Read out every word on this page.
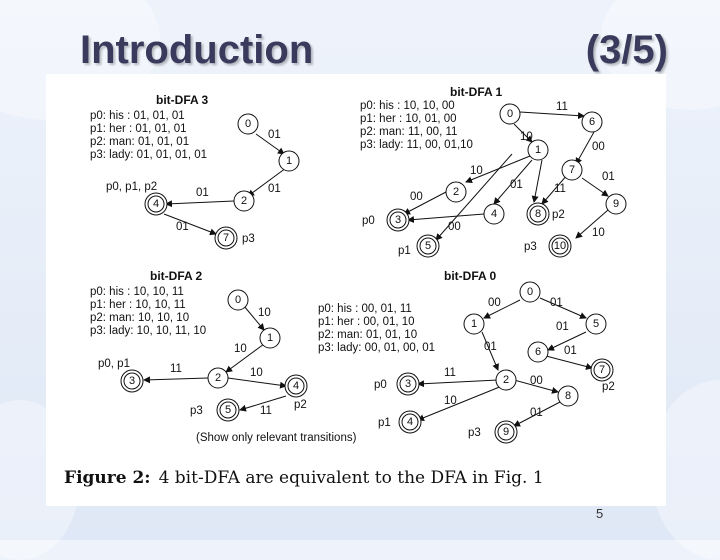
Introduction	(3/5)
bit-DFA 3
p0: his : 01, 01, 01
p1: her : 01, 01, 01
p2: man: 01, 01, 01
p3: lady: 01, 01, 01, 01
p0, p1, p2
0
1
2
4
7
01
01
01
01
p3
bit-DFA 1
p0: his : 10, 10, 00
p1: her : 10, 01, 00
p2: man: 11, 00, 11
p3: lady: 11, 00, 01,10
0
6
1
7
2
3	4	8
9
5	10
11
10
00
10
01
01
11
00
00	10
p0
p1
p2
p3
bit-DFA 2
p0: his : 10, 10, 11
p1: her : 10, 10, 11
p2: man: 10, 10, 10
p3: lady: 10, 10, 11, 10
p0, p1
0
1
2
3	4
5
10
10
11	10
11
p3	p2
bit-DFA 0
p0: his : 00, 01, 11
p1: her : 00, 01, 10
p2: man: 01, 01, 10
p3: lady: 00, 01, 00, 01
0
1	5
6
7
2
3
8
4
9
00	01
01
01	01
11
00
10
01
p0	p2
p1
p3
(Show only relevant transitions)
Figure 2: 4 bit-DFA are equivalent to the DFA in Fig. 1
5
